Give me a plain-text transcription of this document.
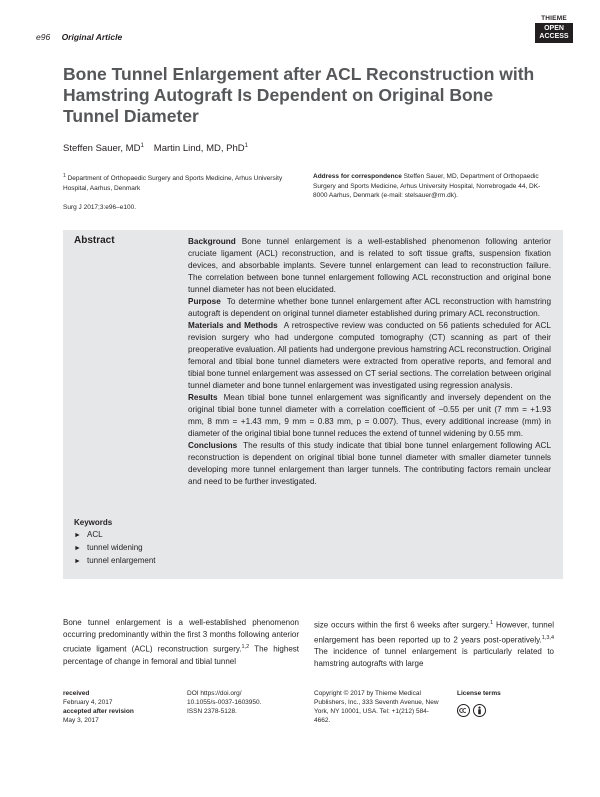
e96 Original Article
THIEME
OPEN
ACCESS
Bone Tunnel Enlargement after ACL Reconstruction with Hamstring Autograft Is Dependent on Original Bone Tunnel Diameter
Steffen Sauer, $MD^1$ Martin Lind, MD, PhD$^1$
$^1$ Department of Orthopaedic Surgery and Sports Medicine, Arhus University Hospital, Aarhus, Denmark
Surg J 2017;3:e96–e100.
Address for correspondence Steffen Sauer, MD, Department of Orthopaedic Surgery and Sports Medicine, Arhus University Hospital, Norrebrogade 44, DK-8000 Aarhus, Denmark (e-mail: stelsauer@rm.dk).
Abstract	Background Bone tunnel enlargement is a well-established phenomenon following anterior cruciate ligament (ACL) reconstruction, and is related to soft tissue grafts, suspension fixation devices, and absorbable implants. Severe tunnel enlargement can lead to reconstruction failure. The correlation between bone tunnel enlargement following ACL reconstruction and original bone tunnel diameter has not been elucidated.

Purpose To determine whether bone tunnel enlargement after ACL reconstruction with hamstring autograft is dependent on original tunnel diameter established during primary ACL reconstruction.

Materials and Methods A retrospective review was conducted on 56 patients scheduled for ACL revision surgery who had undergone computed tomography (CT) scanning as part of their preoperative evaluation. All patients had undergone previous hamstring ACL reconstruction. Original femoral and tibial bone tunnel diameters were extracted from operative reports, and femoral and tibial bone tunnel enlargement was assessed on CT serial sections. The correlation between original tunnel diameter and bone tunnel enlargement was investigated using regression analysis.

Results Mean tibial bone tunnel enlargement was significantly and inversely dependent on the original tibial bone tunnel diameter with a correlation coefficient of −0.55 per unit (7 mm = +1.93 mm, 8 mm = +1.43 mm, 9 mm = 0.83 mm, p = 0.007). Thus, every additional increase (mm) in diameter of the original tibial bone tunnel reduces the extend of tunnel widening by 0.55 mm.

Conclusions The results of this study indicate that tibial bone tunnel enlargement following ACL reconstruction is dependent on original tibial bone tunnel diameter with smaller diameter tunnels developing more tunnel enlargement than larger tunnels. The contributing factors remain unclear and need to be further investigated.

Keywords
► ACL
► tunnel widening
► tunnel enlargement
Bone tunnel enlargement is a well-established phenomenon occurring predominantly within the first 3 months following anterior cruciate ligament (ACL) reconstruction surgery.$^{1,2}$ The highest percentage of change in femoral and tibial tunnel
size occurs within the first 6 weeks after surgery.$^1$ However, tunnel enlargement has been reported up to 2 years post-operatively.$^{1,3,4}$ The incidence of tunnel enlargement is particularly related to hamstring autografts with large
received
February 4, 2017
accepted after revision
May 3, 2017
DOI https://doi.org/
10.1055/s-0037-1603950.
ISSN 2378-5128.
Copyright © 2017 by Thieme Medical Publishers, Inc., 333 Seventh Avenue, New York, NY 10001, USA. Tel: +1(212) 584-4662.
License terms
